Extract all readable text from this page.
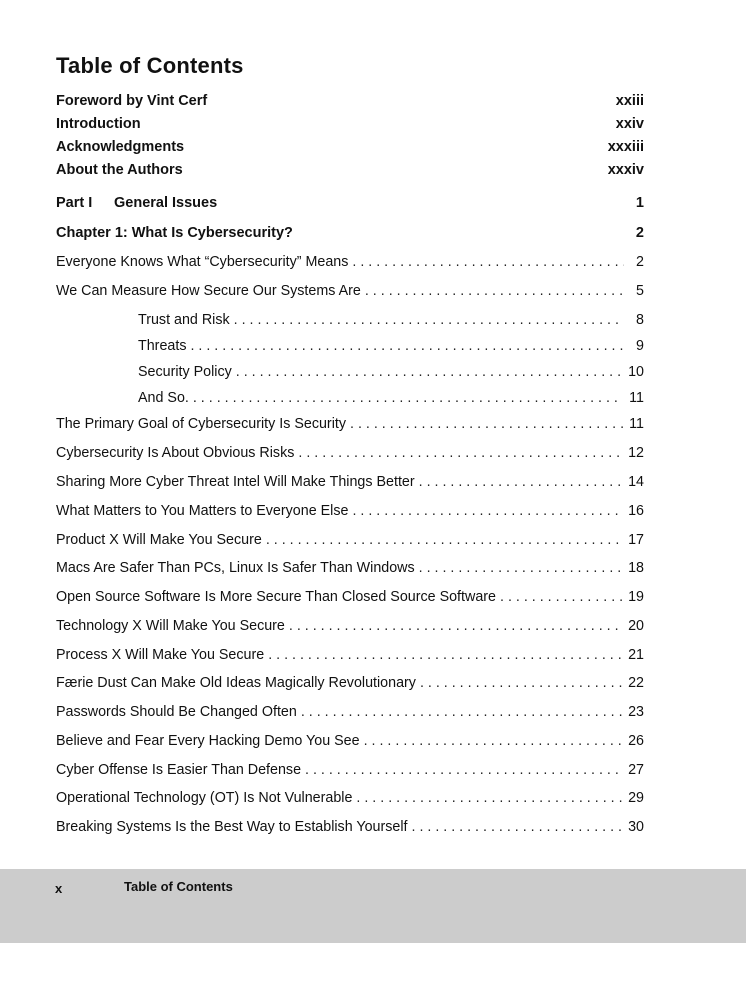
Table of Contents
Foreword by Vint Cerf	xxiii
Introduction	xxiv
Acknowledgments	xxxiii
About the Authors	xxxiv
Part I General Issues	1
Chapter 1: What Is Cybersecurity?	2
Everyone Knows What “Cybersecurity” Means . . .	2
We Can Measure How Secure Our Systems Are . . .	5
Trust and Risk . . .	8
Threats . . .	9
Security Policy . . .	10
And So. . . . . .	11
The Primary Goal of Cybersecurity Is Security . . .	11
Cybersecurity Is About Obvious Risks . . .	12
Sharing More Cyber Threat Intel Will Make Things Better . . .	14
What Matters to You Matters to Everyone Else . . .	16
Product X Will Make You Secure . . .	17
Macs Are Safer Than PCs, Linux Is Safer Than Windows . . .	18
Open Source Software Is More Secure Than Closed Source Software . . .	19
Technology X Will Make You Secure . . .	20
Process X Will Make You Secure . . .	21
Færie Dust Can Make Old Ideas Magically Revolutionary . . .	22
Passwords Should Be Changed Often . . .	23
Believe and Fear Every Hacking Demo You See . . .	26
Cyber Offense Is Easier Than Defense . . .	27
Operational Technology (OT) Is Not Vulnerable . . .	29
Breaking Systems Is the Best Way to Establish Yourself . . .	30
x	Table of Contents
